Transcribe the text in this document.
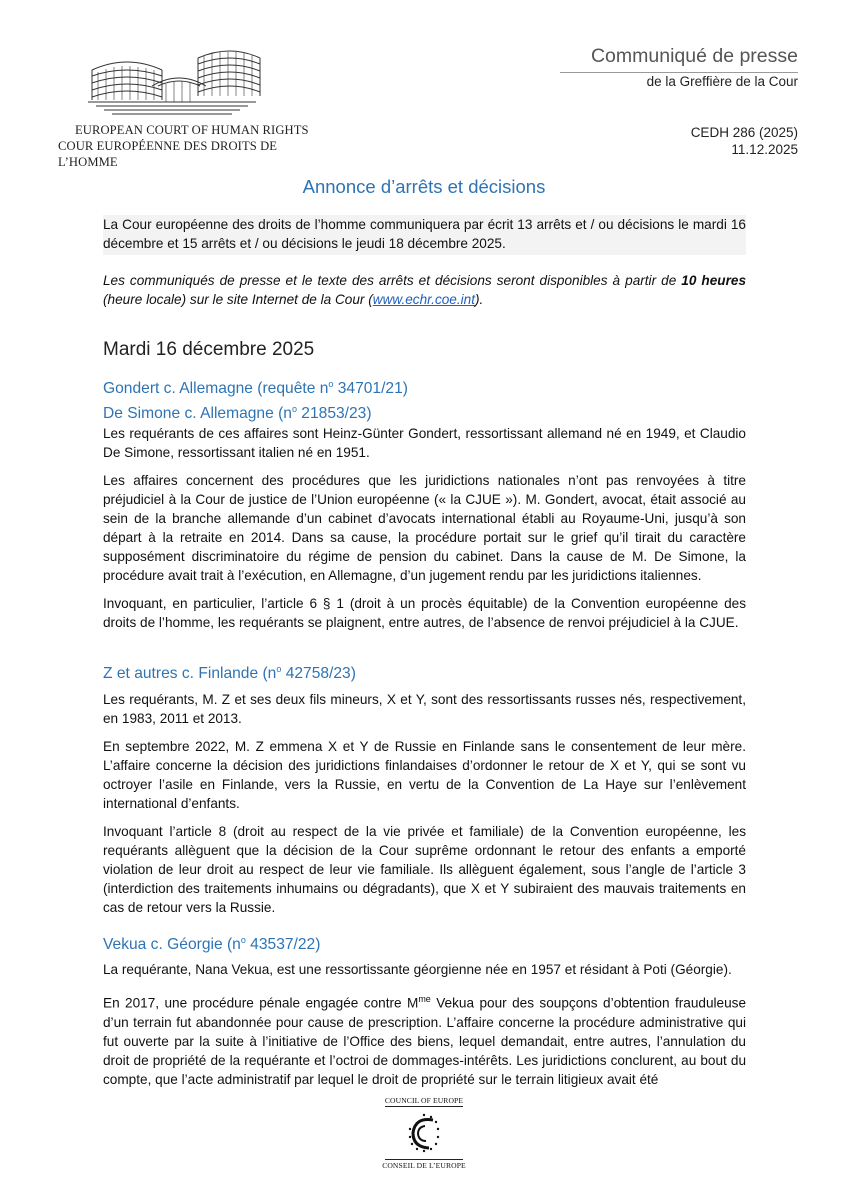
EUROPEAN COURT OF HUMAN RIGHTS
COUR EUROPÉENNE DES DROITS DE L’HOMME
Communiqué de presse
de la Greffière de la Cour
CEDH 286 (2025)
11.12.2025
Annonce d’arrêts et décisions
La Cour européenne des droits de l’homme communiquera par écrit 13 arrêts et / ou décisions le mardi 16 décembre et 15 arrêts et / ou décisions le jeudi 18 décembre 2025.
Les communiqués de presse et le texte des arrêts et décisions seront disponibles à partir de 10 heures (heure locale) sur le site Internet de la Cour (www.echr.coe.int).
Mardi 16 décembre 2025
Gondert c. Allemagne (requête $n^o$ 34701/21)
De Simone c. Allemagne ($n^o$ 21853/23)
Les requérants de ces affaires sont Heinz-Günter Gondert, ressortissant allemand né en 1949, et Claudio De Simone, ressortissant italien né en 1951.
Les affaires concernent des procédures que les juridictions nationales n’ont pas renvoyées à titre préjudiciel à la Cour de justice de l’Union européenne (« la CJUE »). M. Gondert, avocat, était associé au sein de la branche allemande d’un cabinet d’avocats international établi au Royaume-Uni, jusqu’à son départ à la retraite en 2014. Dans sa cause, la procédure portait sur le grief qu’il tirait du caractère supposément discriminatoire du régime de pension du cabinet. Dans la cause de M. De Simone, la procédure avait trait à l’exécution, en Allemagne, d’un jugement rendu par les juridictions italiennes.
Invoquant, en particulier, l’article 6 § 1 (droit à un procès équitable) de la Convention européenne des droits de l’homme, les requérants se plaignent, entre autres, de l’absence de renvoi préjudiciel à la CJUE.
Z et autres c. Finlande ($n^o$ 42758/23)
Les requérants, M. Z et ses deux fils mineurs, X et Y, sont des ressortissants russes nés, respectivement, en 1983, 2011 et 2013.
En septembre 2022, M. Z emmena X et Y de Russie en Finlande sans le consentement de leur mère. L’affaire concerne la décision des juridictions finlandaises d’ordonner le retour de X et Y, qui se sont vu octroyer l’asile en Finlande, vers la Russie, en vertu de la Convention de La Haye sur l’enlèvement international d’enfants.
Invoquant l’article 8 (droit au respect de la vie privée et familiale) de la Convention européenne, les requérants allèguent que la décision de la Cour suprême ordonnant le retour des enfants a emporté violation de leur droit au respect de leur vie familiale. Ils allèguent également, sous l’angle de l’article 3 (interdiction des traitements inhumains ou dégradants), que X et Y subiraient des mauvais traitements en cas de retour vers la Russie.
Vekua c. Géorgie ($n^o$ 43537/22)
La requérante, Nana Vekua, est une ressortissante géorgienne née en 1957 et résidant à Poti (Géorgie).
En 2017, une procédure pénale engagée contre $M^{me}$ Vekua pour des soupçons d’obtention frauduleuse d’un terrain fut abandonnée pour cause de prescription. L’affaire concerne la procédure administrative qui fut ouverte par la suite à l’initiative de l’Office des biens, lequel demandait, entre autres, l’annulation du droit de propriété de la requérante et l’octroi de dommages-intérêts. Les juridictions conclurent, au bout du compte, que l’acte administratif par lequel le droit de propriété sur le terrain litigieux avait été
COUNCIL OF EUROPE
CONSEIL DE L’EUROPE
